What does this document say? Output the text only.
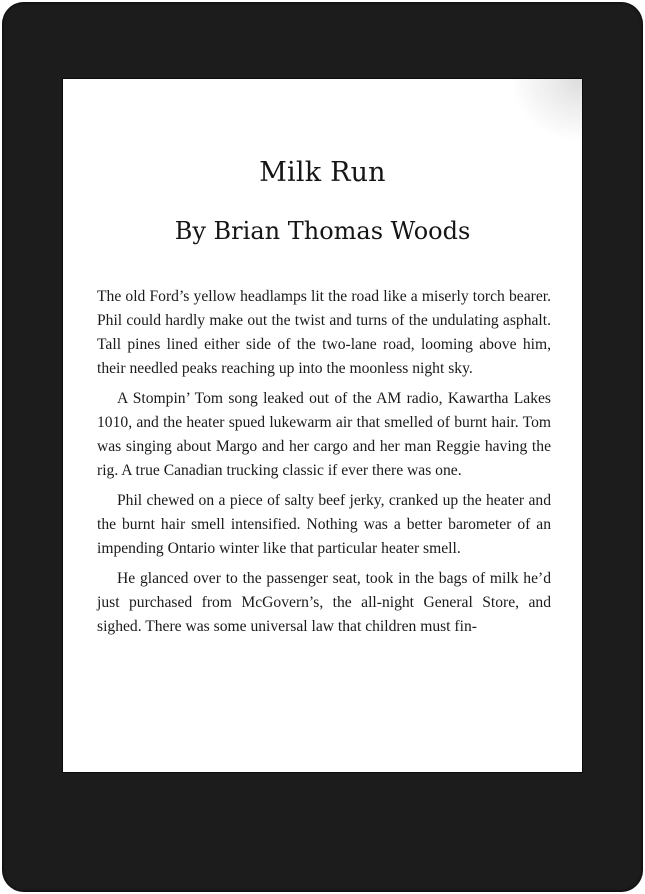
Milk Run
By Brian Thomas Woods

The old Ford’s yellow headlamps lit the road like a miserly torch bearer. Phil could hardly make out the twist and turns of the undulating asphalt. Tall pines lined either side of the two-lane road, looming above him, their needled peaks reaching up into the moonless night sky.

A Stompin’ Tom song leaked out of the AM radio, Kawartha Lakes 1010, and the heater spued lukewarm air that smelled of burnt hair. Tom was singing about Margo and her cargo and her man Reggie having the rig. A true Canadian trucking classic if ever there was one.

Phil chewed on a piece of salty beef jerky, cranked up the heater and the burnt hair smell intensified. Nothing was a better barometer of an impending Ontario winter like that particular heater smell.

He glanced over to the passenger seat, took in the bags of milk he’d just purchased from McGovern’s, the all-night General Store, and sighed. There was some universal law that children must fin-
